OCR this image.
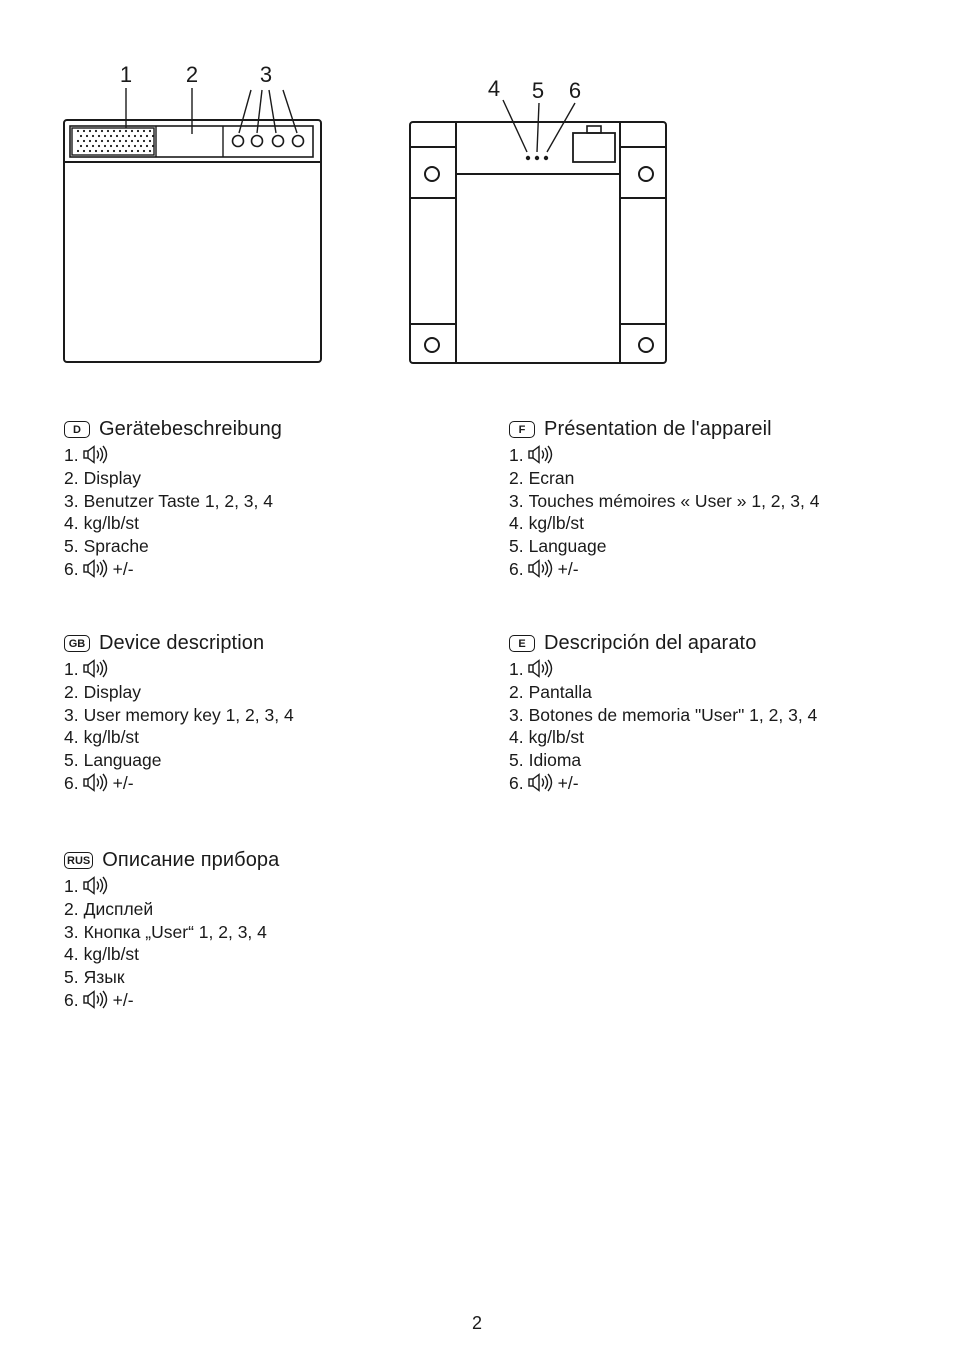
1 2	3
4 5 6
D Gerätebeschreibung
1.
2. Display
3. Benutzer Taste 1, 2, 3, 4
4. kg/lb/st
5. Sprache
6. +/-
F Présentation de l'appareil
1.
2. Ecran
3. Touches mémoires « User » 1, 2, 3, 4
4. kg/lb/st
5. Language
6. +/-
GB Device description
1.
2. Display
3. User memory key 1, 2, 3, 4
4. kg/lb/st
5. Language
6. +/-
E Descripción del aparato
1.
2. Pantalla
3. Botones de memoria "User" 1, 2, 3, 4
4. kg/lb/st
5. Idioma
6. +/-
RUS Описание прибора
1.
2. Дисплей
3. Кнопка „User“ 1, 2, 3, 4
4. kg/lb/st
5. Язык
6. +/-
2
